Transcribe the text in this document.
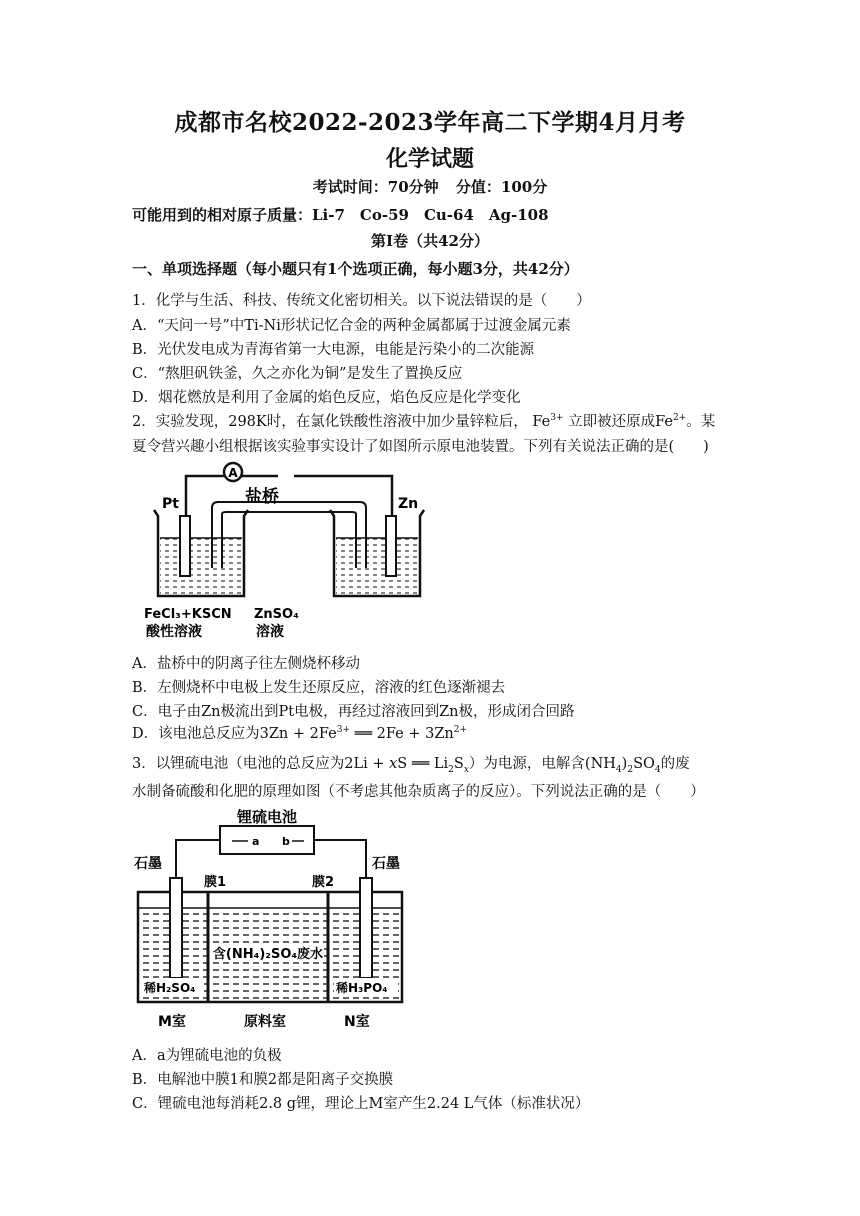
成都市名校2022-2023学年高二下学期4月月考
化学试题
考试时间：70分钟 分值：100分
可能用到的相对原子质量：Li-7　Co-59　Cu-64　Ag-108
第Ⅰ卷（共42分）
一、单项选择题（每小题只有1个选项正确，每小题3分，共42分）
1．化学与生活、科技、传统文化密切相关。以下说法错误的是（　　）
A．“天问一号”中Ti-Ni形状记忆合金的两种金属都属于过渡金属元素
B．光伏发电成为青海省第一大电源，电能是污染小的二次能源
C．“熬胆矾铁釜，久之亦化为铜”是发生了置换反应
D．烟花燃放是利用了金属的焰色反应，焰色反应是化学变化
2．实验发现，298K时，在氯化铁酸性溶液中加少量锌粒后， $Fe^{3+}$ 立即被还原成$Fe^{2+}$。某
夏令营兴趣小组根据该实验事实设计了如图所示原电池装置。下列有关说法正确的是(　　)
A
盐桥
Pt	Zn
FeCl₃+KSCN
酸性溶液
ZnSO₄
溶液
A．盐桥中的阴离子往左侧烧杯移动
B．左侧烧杯中电极上发生还原反应，溶液的红色逐渐褪去
C．电子由Zn极流出到Pt电极，再经过溶液回到Zn极，形成闭合回路
D．该电池总反应为$3Zn + 2Fe^{3+}$ ══ $2Fe + 3Zn^{2+}$
3．以锂硫电池（电池的总反应为2Li + xS ══ $Li_2S_x$）为电源，电解含$(NH_4)_2SO_4$的废
水制备硫酸和化肥的原理如图（不考虑其他杂质离子的反应）。下列说法正确的是（　　）
锂硫电池
a b
石墨	石墨
膜1	膜2
含(NH₄)₂SO₄废水
稀H₂SO₄	稀H₃PO₄
M室	原料室	N室
A．a为锂硫电池的负极
B．电解池中膜1和膜2都是阳离子交换膜
C．锂硫电池每消耗2.8 g锂，理论上M室产生2.24 L气体（标准状况）
